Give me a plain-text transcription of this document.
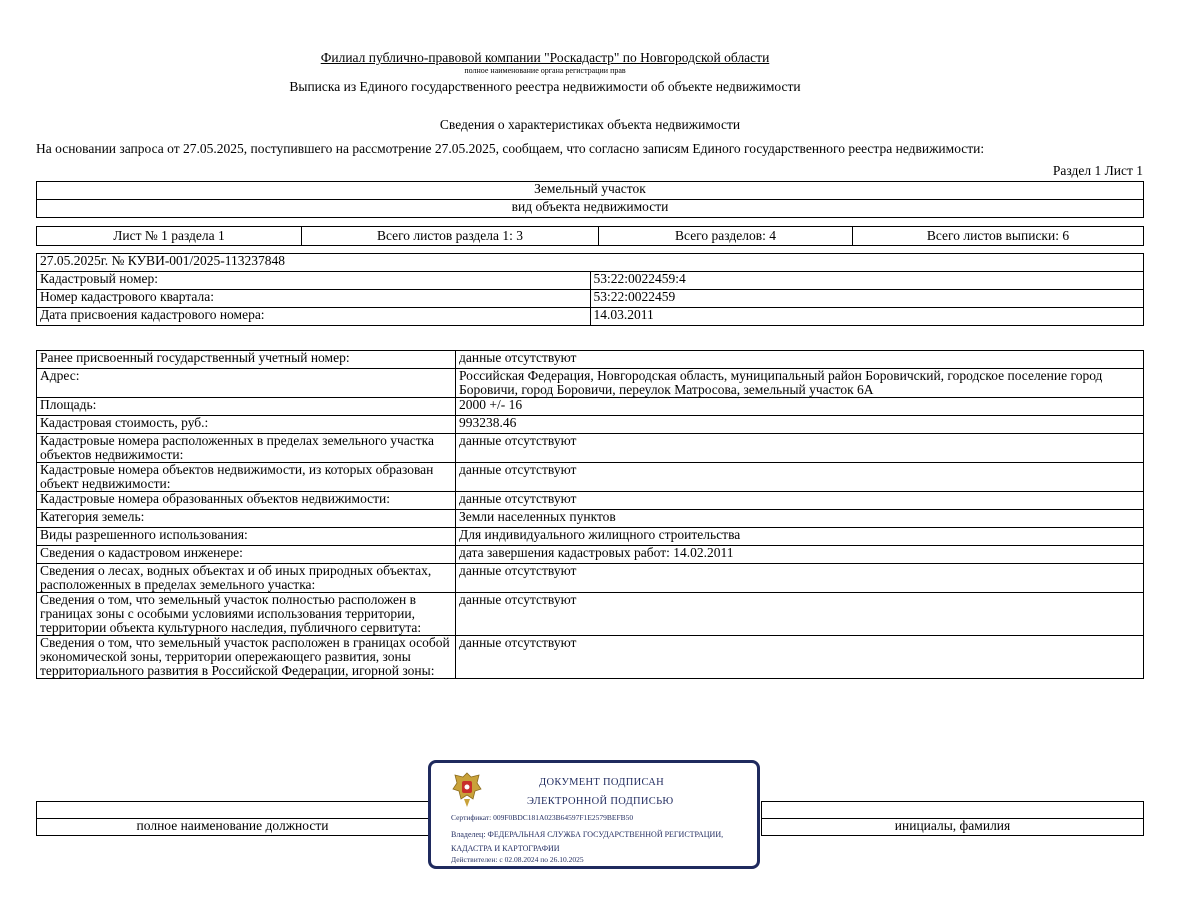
Филиал публично-правовой компании "Роскадастр" по Новгородской области
полное наименование органа регистрации прав
Выписка из Единого государственного реестра недвижимости об объекте недвижимости
Сведения о характеристиках объекта недвижимости
На основании запроса от 27.05.2025, поступившего на рассмотрение 27.05.2025, сообщаем, что согласно записям Единого государственного реестра недвижимости:
Раздел 1 Лист 1
Земельный участок
вид объекта недвижимости
Лист № 1 раздела 1	Всего листов раздела 1: 3	Всего разделов: 4	Всего листов выписки: 6
27.05.2025г. № КУВИ-001/2025-113237848	
Кадастровый номер:	53:22:0022459:4
Номер кадастрового квартала:	53:22:0022459
Дата присвоения кадастрового номера:	14.03.2011
Ранее присвоенный государственный учетный номер:	данные отсутствуют
Адрес:	Российская Федерация, Новгородская область, муниципальный район Боровичский, городское поселение город Боровичи, город Боровичи, переулок Матросова, земельный участок 6А
Площадь:	2000 +/- 16
Кадастровая стоимость, руб.:	993238.46
Кадастровые номера расположенных в пределах земельного участка объектов недвижимости:	данные отсутствуют
Кадастровые номера объектов недвижимости, из которых образован объект недвижимости:	данные отсутствуют
Кадастровые номера образованных объектов недвижимости:	данные отсутствуют
Категория земель:	Земли населенных пунктов
Виды разрешенного использования:	Для индивидуального жилищного строительства
Сведения о кадастровом инженере:	дата завершения кадастровых работ: 14.02.2011
Сведения о лесах, водных объектах и об иных природных объектах, расположенных в пределах земельного участка:	данные отсутствуют
Сведения о том, что земельный участок полностью расположен в границах зоны с особыми условиями использования территории, территории объекта культурного наследия, публичного сервитута:	данные отсутствуют
Сведения о том, что земельный участок расположен в границах особой экономической зоны, территории опережающего развития, зоны территориального развития в Российской Федерации, игорной зоны:	данные отсутствуют

полное наименование должности		инициалы, фамилия
ДОКУМЕНТ ПОДПИСАН
ЭЛЕКТРОННОЙ ПОДПИСЬЮ
Сертификат: 009F0BDC181A023B64597F1E2579BEFB50
Владелец: ФЕДЕРАЛЬНАЯ СЛУЖБА ГОСУДАРСТВЕННОЙ РЕГИСТРАЦИИ, КАДАСТРА И КАРТОГРАФИИ
Действителен: с 02.08.2024 по 26.10.2025
